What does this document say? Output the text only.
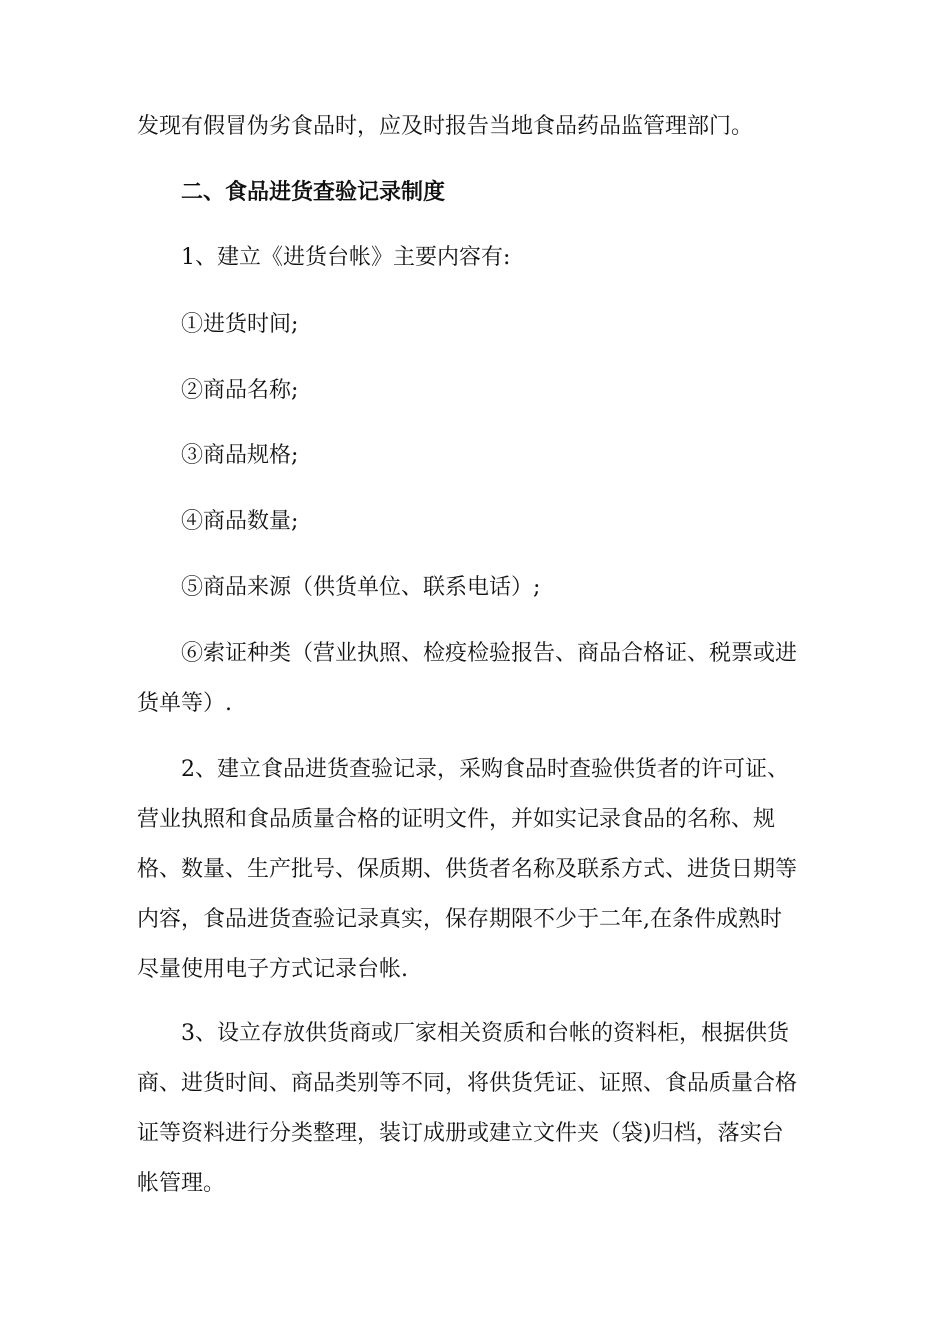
发现有假冒伪劣食品时，应及时报告当地食品药品监管理部门。
二、食品进货查验记录制度
1、建立《进货台帐》主要内容有:
①进货时间;
②商品名称;
③商品规格;
④商品数量;
⑤商品来源（供货单位、联系电话）;
⑥索证种类（营业执照、检疫检验报告、商品合格证、税票或进
货单等）.
2、建立食品进货查验记录，采购食品时查验供货者的许可证、
营业执照和食品质量合格的证明文件，并如实记录食品的名称、规
格、数量、生产批号、保质期、供货者名称及联系方式、进货日期等
内容，食品进货查验记录真实，保存期限不少于二年,在条件成熟时
尽量使用电子方式记录台帐.
3、设立存放供货商或厂家相关资质和台帐的资料柜，根据供货
商、进货时间、商品类别等不同，将供货凭证、证照、食品质量合格
证等资料进行分类整理，装订成册或建立文件夹（袋)归档，落实台
帐管理。
